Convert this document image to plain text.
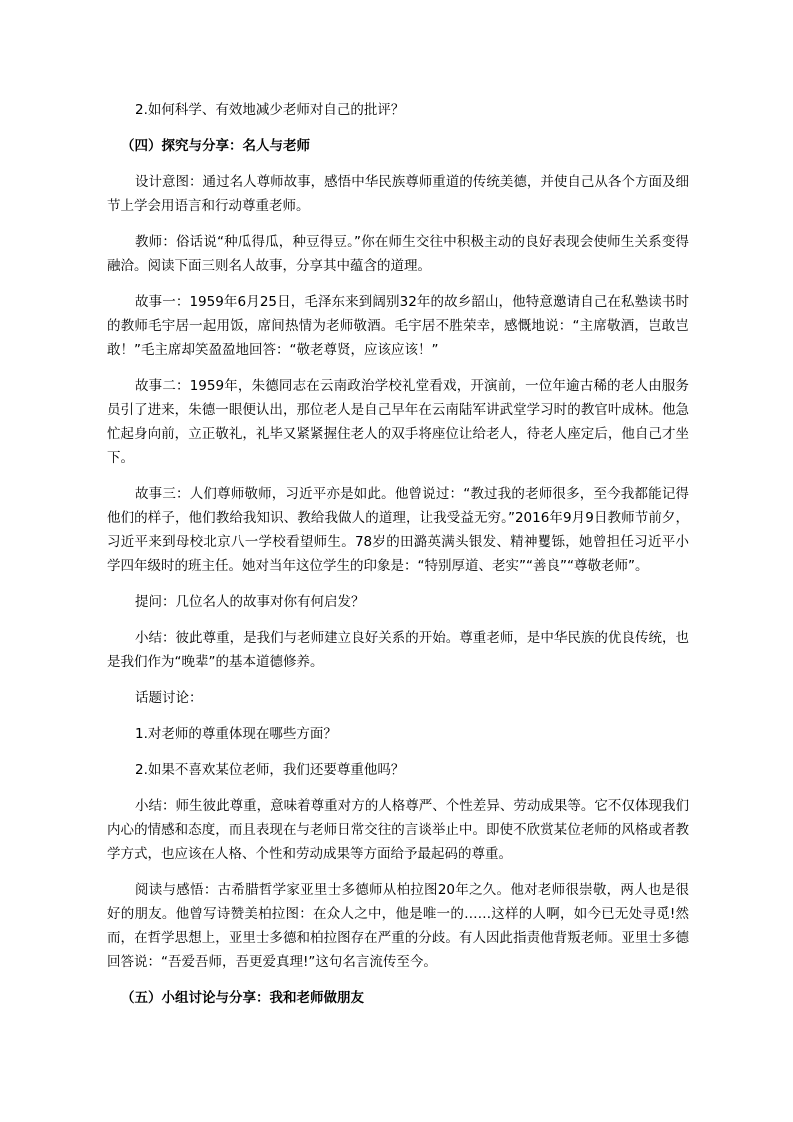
2.如何科学、有效地减少老师对自己的批评？

（四）探究与分享：名人与老师

设计意图：通过名人尊师故事，感悟中华民族尊师重道的传统美德，并使自己从各个方面及细节上学会用语言和行动尊重老师。

教师：俗话说“种瓜得瓜，种豆得豆。”你在师生交往中积极主动的良好表现会使师生关系变得融洽。阅读下面三则名人故事，分享其中蕴含的道理。

故事一：1959年6月25日，毛泽东来到阔别32年的故乡韶山，他特意邀请自己在私塾读书时的教师毛宇居一起用饭，席间热情为老师敬酒。毛宇居不胜荣幸，感慨地说：“主席敬酒，岂敢岂敢！”毛主席却笑盈盈地回答：“敬老尊贤，应该应该！”

故事二：1959年，朱德同志在云南政治学校礼堂看戏，开演前，一位年逾古稀的老人由服务员引了进来，朱德一眼便认出，那位老人是自己早年在云南陆军讲武堂学习时的教官叶成林。他急忙起身向前，立正敬礼，礼毕又紧紧握住老人的双手将座位让给老人，待老人座定后，他自己才坐下。

故事三：人们尊师敬师，习近平亦是如此。他曾说过：“教过我的老师很多，至今我都能记得他们的样子，他们教给我知识、教给我做人的道理，让我受益无穷。”2016年9月9日教师节前夕，习近平来到母校北京八一学校看望师生。78岁的田潞英满头银发、精神矍铄，她曾担任习近平小学四年级时的班主任。她对当年这位学生的印象是：“特别厚道、老实”“善良”“尊敬老师”。

提问：几位名人的故事对你有何启发？

小结：彼此尊重，是我们与老师建立良好关系的开始。尊重老师，是中华民族的优良传统，也是我们作为“晚辈”的基本道德修养。

话题讨论：

1.对老师的尊重体现在哪些方面？

2.如果不喜欢某位老师，我们还要尊重他吗？

小结：师生彼此尊重，意味着尊重对方的人格尊严、个性差异、劳动成果等。它不仅体现我们内心的情感和态度，而且表现在与老师日常交往的言谈举止中。即使不欣赏某位老师的风格或者教学方式，也应该在人格、个性和劳动成果等方面给予最起码的尊重。

阅读与感悟：古希腊哲学家亚里士多德师从柏拉图20年之久。他对老师很崇敬，两人也是很好的朋友。他曾写诗赞美柏拉图：在众人之中，他是唯一的……这样的人啊，如今已无处寻觅!然而，在哲学思想上，亚里士多德和柏拉图存在严重的分歧。有人因此指责他背叛老师。亚里士多德回答说：“吾爱吾师，吾更爱真理!”这句名言流传至今。

（五）小组讨论与分享：我和老师做朋友
